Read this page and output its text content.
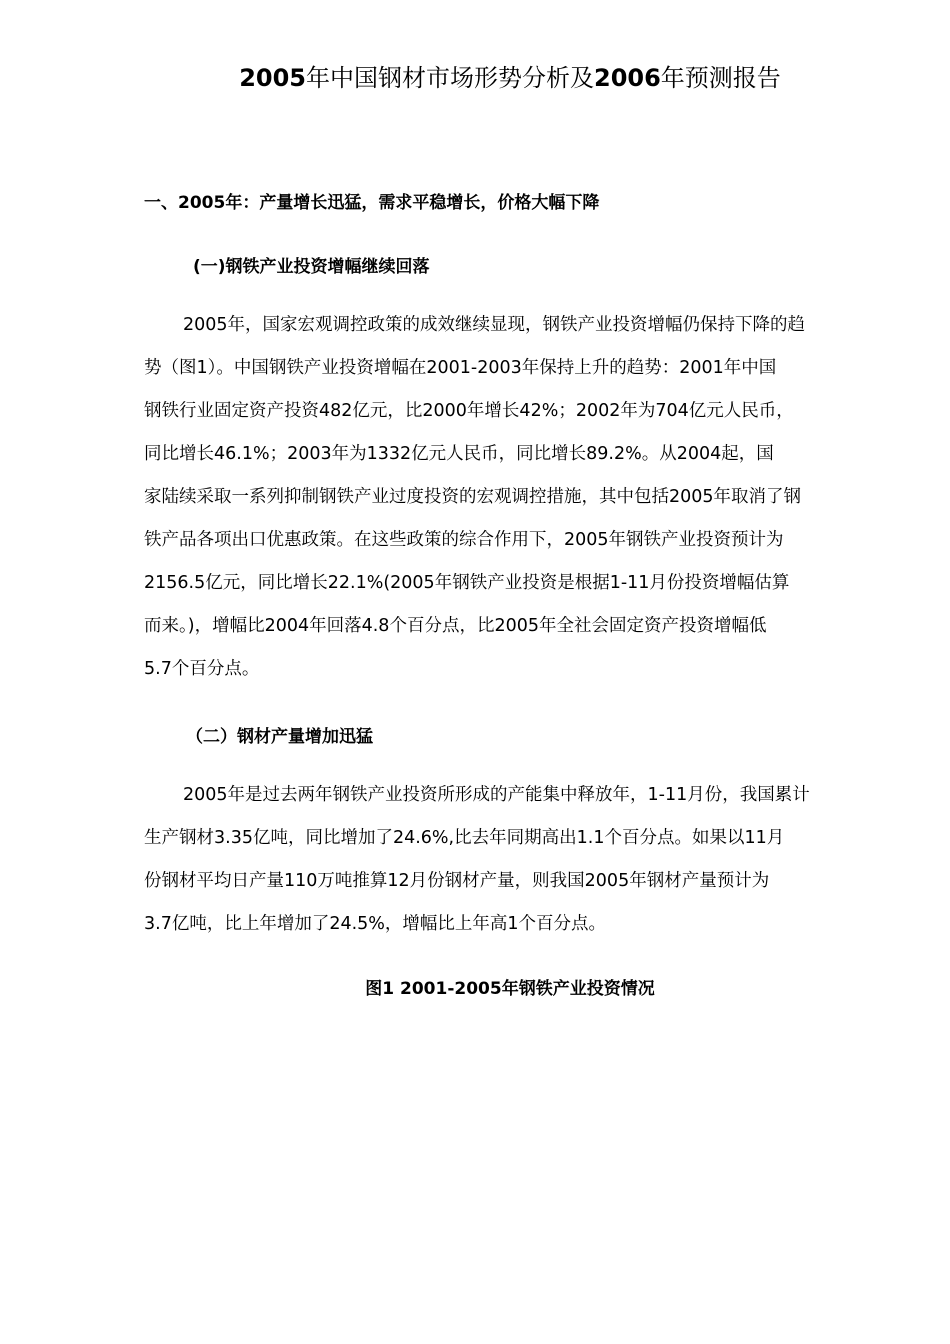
2005年中国钢材市场形势分析及2006年预测报告
一、2005年：产量增长迅猛，需求平稳增长，价格大幅下降
(一)钢铁产业投资增幅继续回落
2005年，国家宏观调控政策的成效继续显现，钢铁产业投资增幅仍保持下降的趋
势（图1）。中国钢铁产业投资增幅在2001-2003年保持上升的趋势：2001年中国
钢铁行业固定资产投资482亿元，比2000年增长42%；2002年为704亿元人民币，
同比增长46.1%；2003年为1332亿元人民币，同比增长89.2%。从2004起，国
家陆续采取一系列抑制钢铁产业过度投资的宏观调控措施，其中包括2005年取消了钢
铁产品各项出口优惠政策。在这些政策的综合作用下，2005年钢铁产业投资预计为
2156.5亿元，同比增长22.1%(2005年钢铁产业投资是根据1-11月份投资增幅估算
而来。)，增幅比2004年回落4.8个百分点，比2005年全社会固定资产投资增幅低
5.7个百分点。
（二）钢材产量增加迅猛
2005年是过去两年钢铁产业投资所形成的产能集中释放年，1-11月份，我国累计
生产钢材3.35亿吨，同比增加了24.6%,比去年同期高出1.1个百分点。如果以11月
份钢材平均日产量110万吨推算12月份钢材产量，则我国2005年钢材产量预计为
3.7亿吨，比上年增加了24.5%，增幅比上年高1个百分点。
图1 2001-2005年钢铁产业投资情况
